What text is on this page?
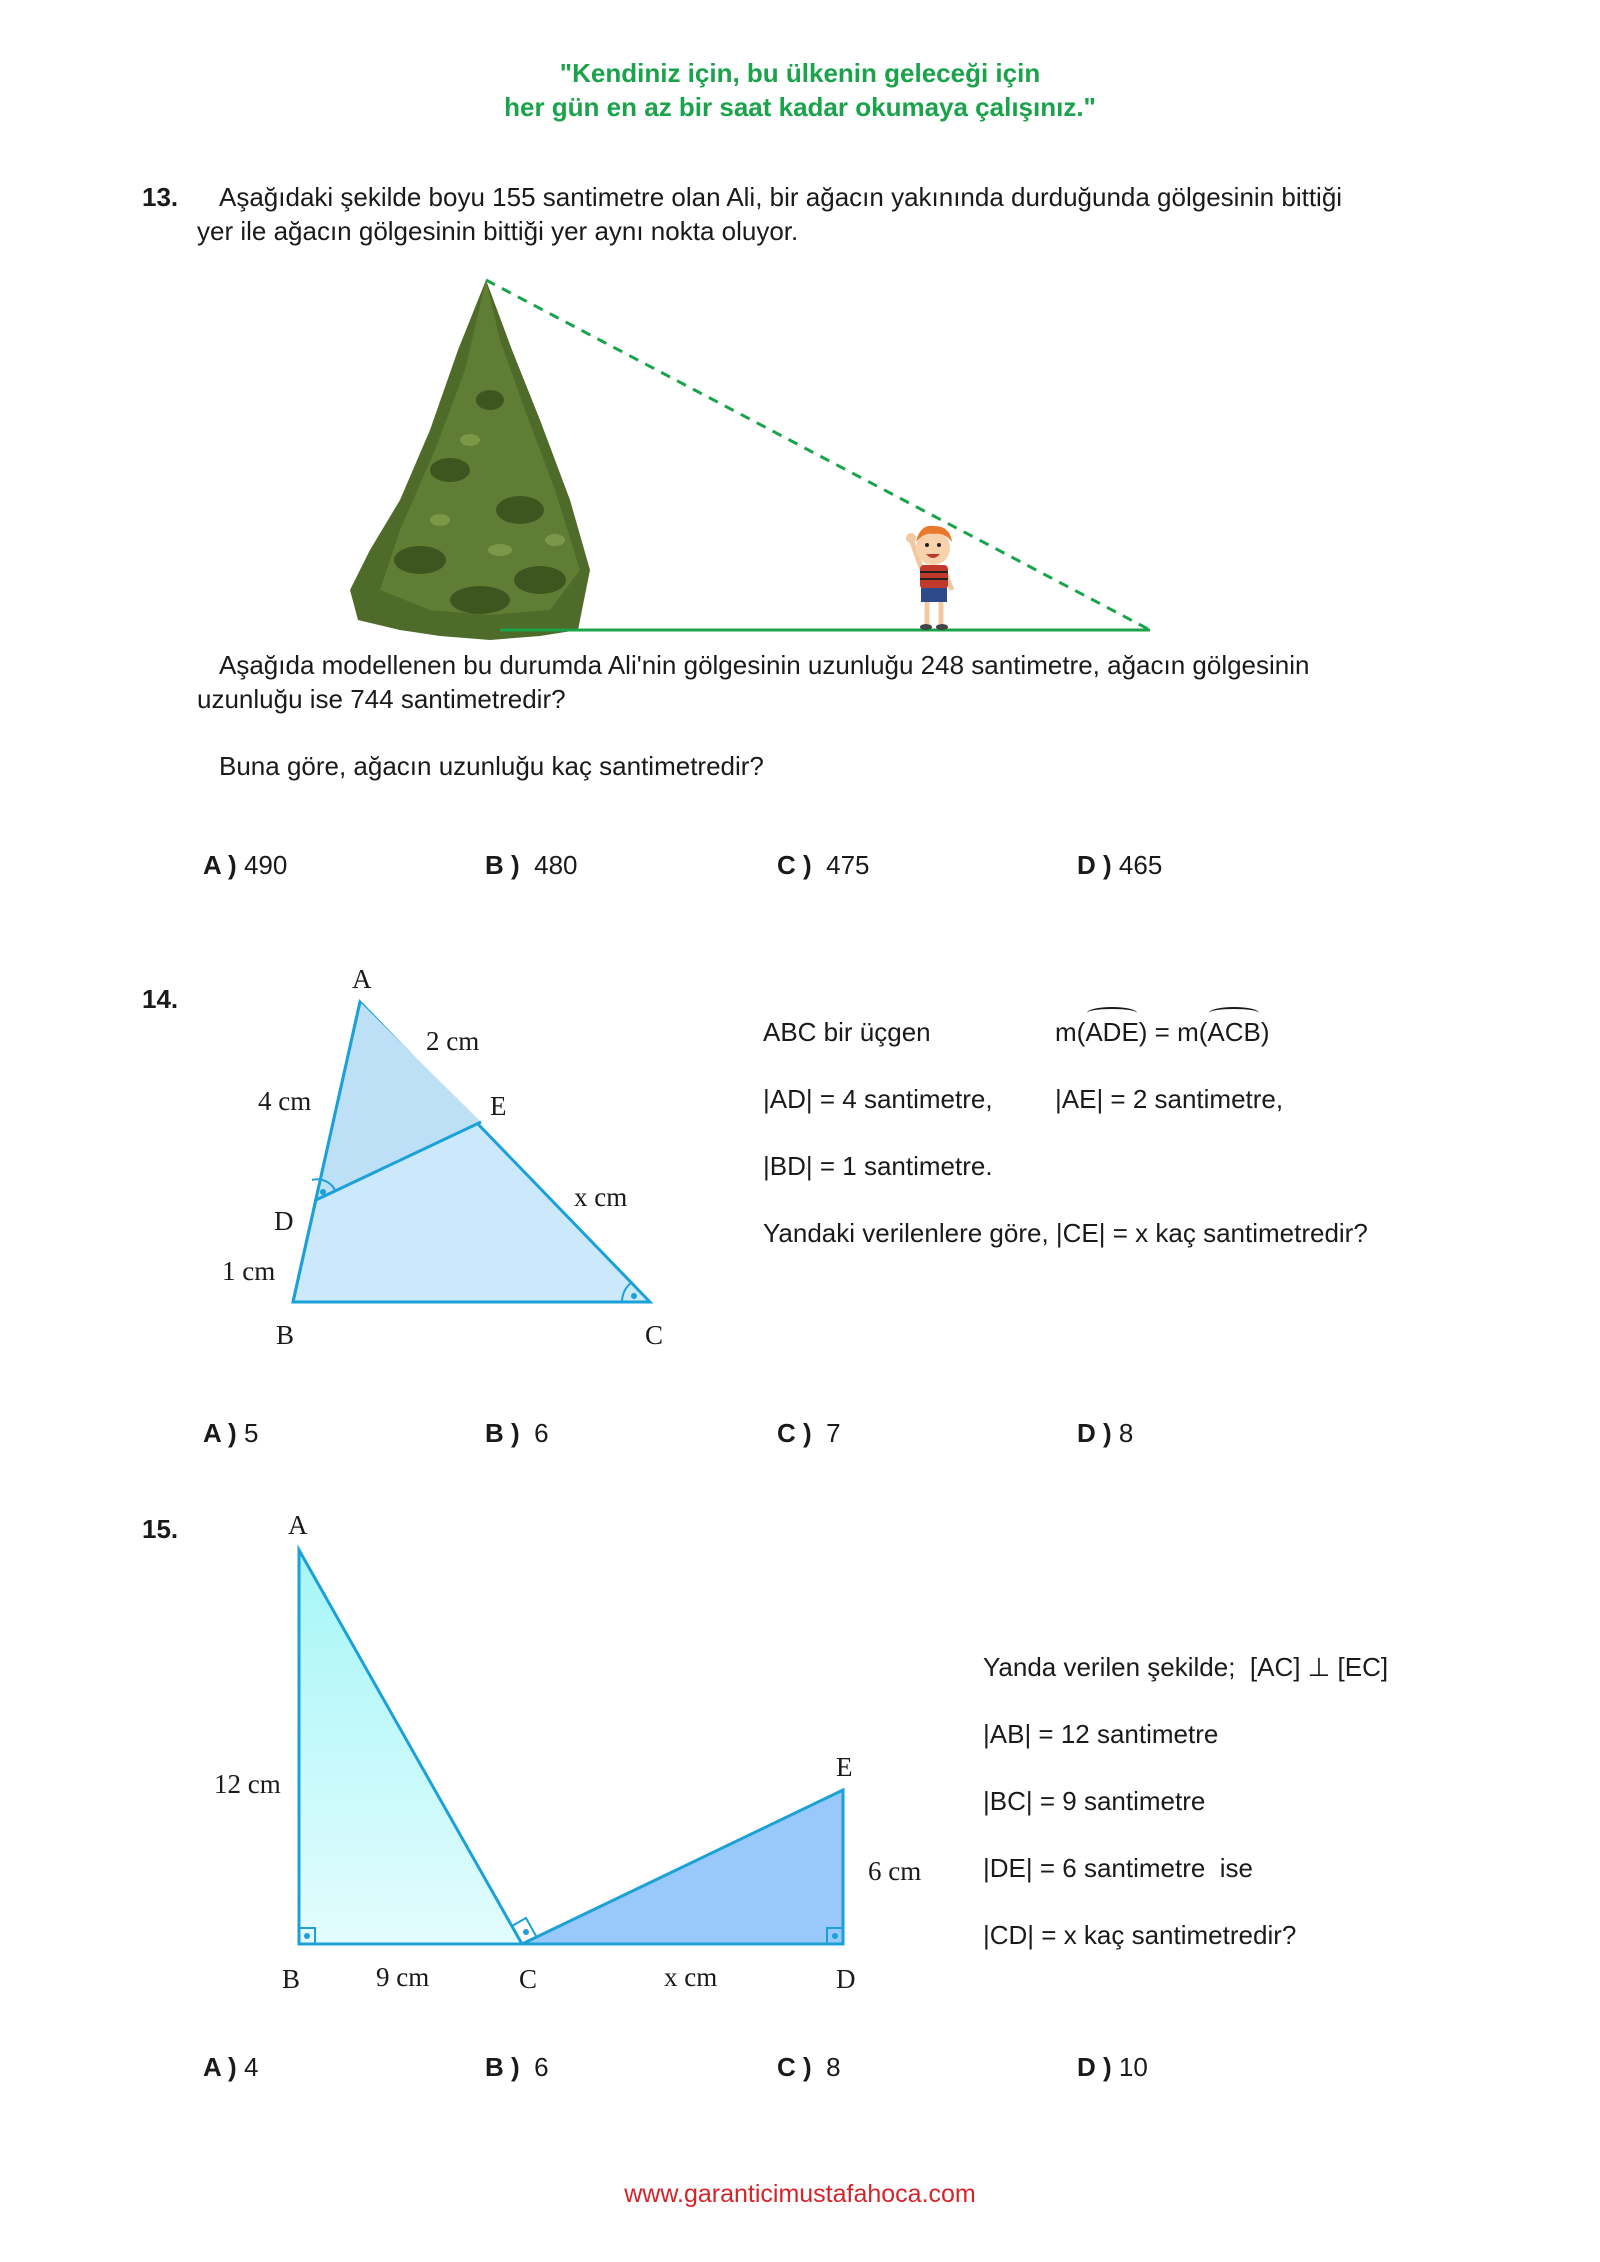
"Kendiniz için, bu ülkenin geleceği için
her gün en az bir saat kadar okumaya çalışınız."
13. Aşağıdaki şekilde boyu 155 santimetre olan Ali, bir ağacın yakınında durduğunda gölgesinin bittiği
yer ile ağacın gölgesinin bittiği yer aynı nokta oluyor.
Aşağıda modellenen bu durumda Ali'nin gölgesinin uzunluğu 248 santimetre, ağacın gölgesinin
uzunluğu ise 744 santimetredir?
Buna göre, ağacın uzunluğu kaç santimetredir?
A ) 490	B ) 480	C ) 475	D ) 465
14.
A
B	C
D
E
2 cm
4 cm
x cm
1 cm
ABC bir üçgen	m(ADE) = m(ACB)
|AD| = 4 santimetre, |AE| = 2 santimetre,
|BD| = 1 santimetre.
Yandaki verilenlere göre, |CE| = x kaç santimetredir?
A ) 5	B ) 6	C ) 7	D ) 8
15.	A
B	C	D
E
12 cm
9 cm	x cm
6 cm
Yanda verilen şekilde;  [AC] ⊥ [EC]
|AB| = 12 santimetre
|BC| = 9 santimetre
|DE| = 6 santimetre  ise
|CD| = x kaç santimetredir?
A ) 4	B ) 6	C ) 8	D ) 10
www.garanticimustafahoca.com
